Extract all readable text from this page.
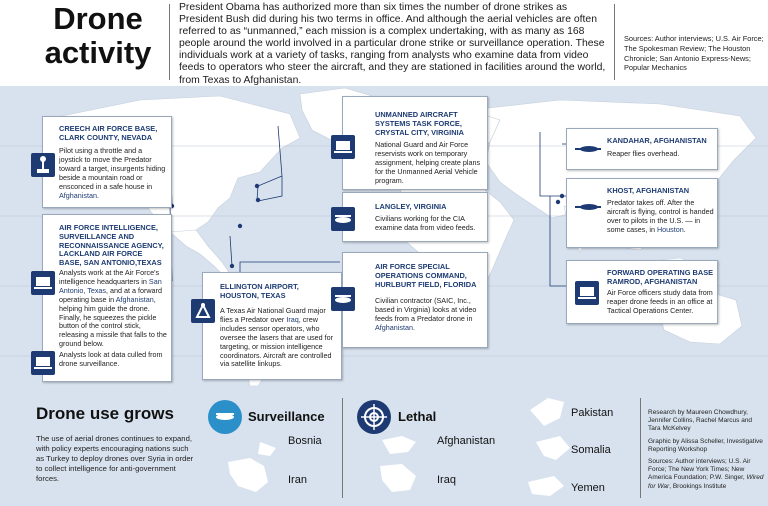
Drone
activity
President Obama has authorized more than six times the number of drone strikes as President Bush did during his two terms in office. And although the aerial vehicles are often referred to as “unmanned,” each mission is a complex undertaking, with as many as 168 people around the world involved in a particular drone strike or surveillance operation. These individuals work at a variety of tasks, ranging from analysts who examine data from video feeds to operators who steer the aircraft, and they are stationed in facilities around the world, from Texas to Afghanistan.
Sources: Author interviews; U.S. Air Force; The Spokesman Review; The Houston Chronicle; San Antonio Express-News; Popular Mechanics
CREECH AIR FORCE BASE, CLARK COUNTY, NEVADA
Pilot using a throttle and a joystick to move the Predator toward a target, insurgents hiding beside a mountain road or ensconced in a safe house in Afghanistan.
AIR FORCE INTELLIGENCE, SURVEILLANCE AND RECONNAISSANCE AGENCY, LACKLAND AIR FORCE BASE, SAN ANTONIO,TEXAS
Analysts work at the Air Force's intelligence headquarters in San Antonio, Texas, and at a forward operating base in Afghanistan, helping him guide the drone. Finally, he squeezes the pickle button of the control stick, releasing a missile that falls to the ground below.
Analysts look at data culled from drone surveillance.
ELLINGTON AIRPORT, HOUSTON, TEXAS
A Texas Air National Guard major flies a Predator over Iraq, crew includes sensor operators, who oversee the lasers that are used for targeting, or mission intelligence coordinators. Aircraft are controlled via satellite linkups.
UNMANNED AIRCRAFT SYSTEMS TASK FORCE, CRYSTAL CITY, VIRGINIA
National Guard and Air Force reservists work on temporary assignment, helping create plans for the Unmanned Aerial Vehicle program.
LANGLEY, VIRGINIA
Civilians working for the CIA examine data from video feeds.
AIR FORCE SPECIAL OPERATIONS COMMAND, HURLBURT FIELD, FLORIDA
Civilian contractor (SAIC, Inc., based in Virginia) looks at video feeds from a Predator drone in Afghanistan.
KANDAHAR, AFGHANISTAN
Reaper flies overhead.
KHOST, AFGHANISTAN
Predator takes off. After the aircraft is flying, control is handed over to pilots in the U.S. — in some cases, in Houston.
FORWARD OPERATING BASE RAMROD, AFGHANISTAN
Air Force officers study data from reaper drone feeds in an office at Tactical Operations Center.
Drone use grows
The use of aerial drones continues to expand, with policy experts encouraging nations such as Turkey to deploy drones over Syria in order to collect intelligence for anti-government forces.
Surveillance
Bosnia
Iran
Lethal
Afghanistan
Iraq
Pakistan
Somalia
Yemen

Research by Maureen Chowdhury, Jennifer Collins, Rachel Marcus and Tara McKelvey

Graphic by Alissa Scheller, Investigative Reporting Workshop

Sources: Author interviews; U.S. Air Force; The New York Times; New America Foundation; P.W. Singer, Wired for War, Brookings Institute
